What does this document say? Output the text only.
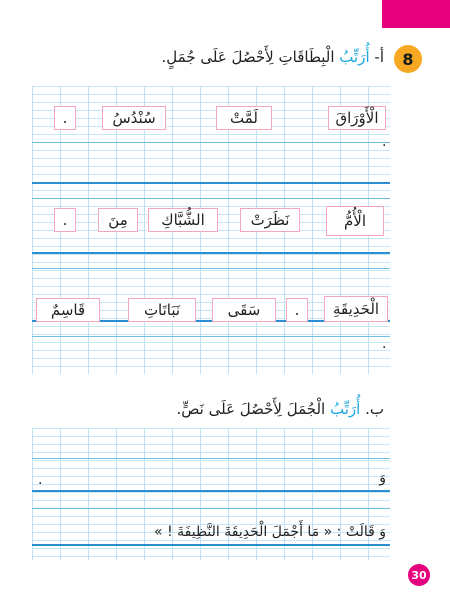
8
أ- أُرَتِّبُ الْبِطَاقَاتِ لِأَحْصُلَ عَلَى جُمَلٍ.
الْأَوْرَاقَ
لَمَّتْ
سُنْدُسُ
.
.
الْأُمُّ
نَظَرَتْ
الشُّبَّاكِ
مِنَ
.
الْحَدِيقَةِ
.
سَقَى
نَبَاتَاتِ
قَاسِمٌ
.
ب. أُرَتِّبُ الْجُمَلَ لِأَحْصُلَ عَلَى نَصٍّ.
وَ
.
وَ قَالَتْ : « مَا أَجْمَلَ الْحَدِيقَةَ النَّظِيفَةَ ! »
30
